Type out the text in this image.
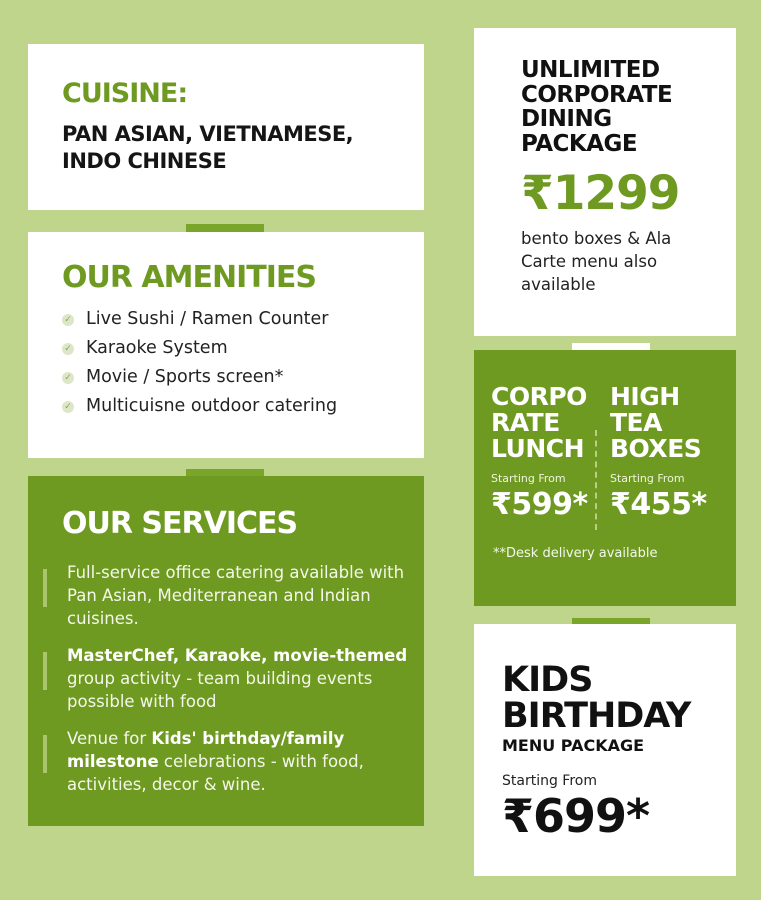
CUISINE:
PAN ASIAN, VIETNAMESE,
INDO CHINESE
OUR AMENITIES
✓ Live Sushi / Ramen Counter
✓ Karaoke System
✓ Movie / Sports screen*
✓ Multicuisne outdoor catering
OUR SERVICES
Full-service office catering available with Pan Asian, Mediterranean and Indian cuisines.
MasterChef, Karaoke, movie-themed group activity - team building events possible with food
Venue for Kids' birthday/family milestone celebrations - with food, activities, decor & wine.
UNLIMITED
CORPORATE
DINING
PACKAGE
₹1299
bento boxes & Ala Carte menu also available
CORPO
RATE
LUNCH
Starting From
₹599*
HIGH
TEA
BOXES
Starting From
₹455*
**Desk delivery available
KIDS
BIRTHDAY
MENU PACKAGE
Starting From
₹699*
